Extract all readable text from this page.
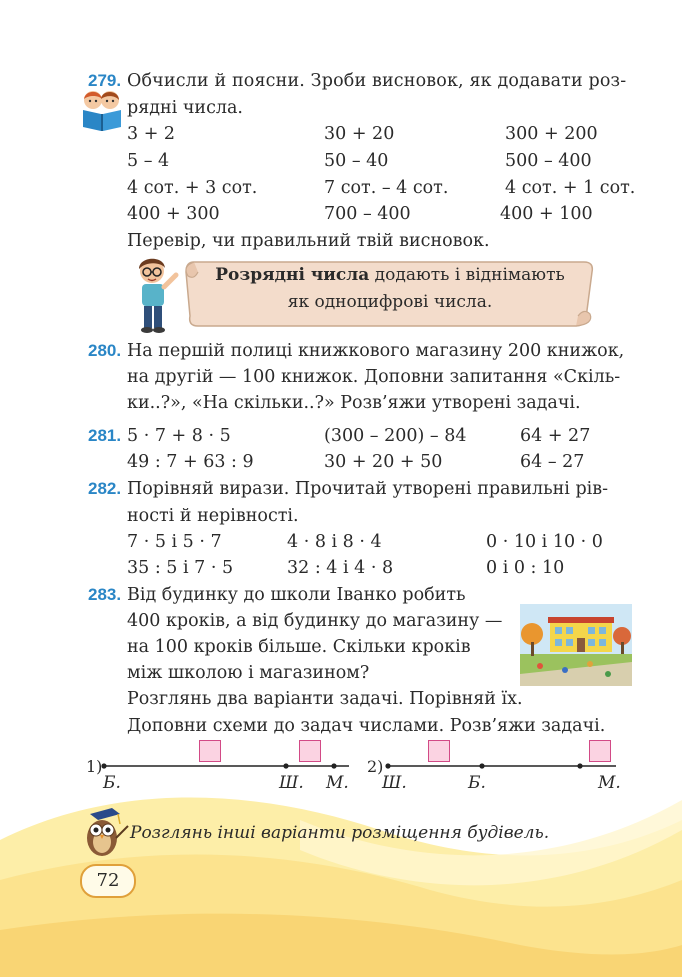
279. Обчисли й поясни. Зроби висновок, як додавати роз-
рядні числа.
3 + 2	30 + 20	300 + 200
5 – 4	50 – 40	500 – 400
4 сот. + 3 сот.	7 сот. – 4 сот.	4 сот. + 1 сот.
400 + 300	700 – 400	400 + 100
Перевір, чи правильний твій висновок.
Розрядні числа додають і віднімають
як одноцифрові числа.
280. На першій полиці книжкового магазину 200 книжок,
на другій — 100 книжок. Доповни запитання «Скіль-
ки..?», «На скільки..?» Розв’яжи утворені задачі.
281. 5 · 7 + 8 · 5	(300 – 200) – 84	64 + 27
49 : 7 + 63 : 9	30 + 20 + 50	64 – 27
282. Порівняй вирази. Прочитай утворені правильні рів-
ності й нерівності.
7 · 5 і 5 · 7	4 · 8 і 8 · 4	0 · 10 і 10 · 0
35 : 5 і 7 · 5	32 : 4 і 4 · 8	0 і 0 : 10
283. Від будинку до школи Іванко робить
400 кроків, а від будинку до магазину —
на 100 кроків більше. Скільки кроків
між школою і магазином?
Розглянь два варіанти задачі. Порівняй їх.
Доповни схеми до задач числами. Розв’яжи задачі.
1)
Б.	Ш. М.
2)
Ш.	Б.	М.
Розглянь інші варіанти розміщення будівель.
72
